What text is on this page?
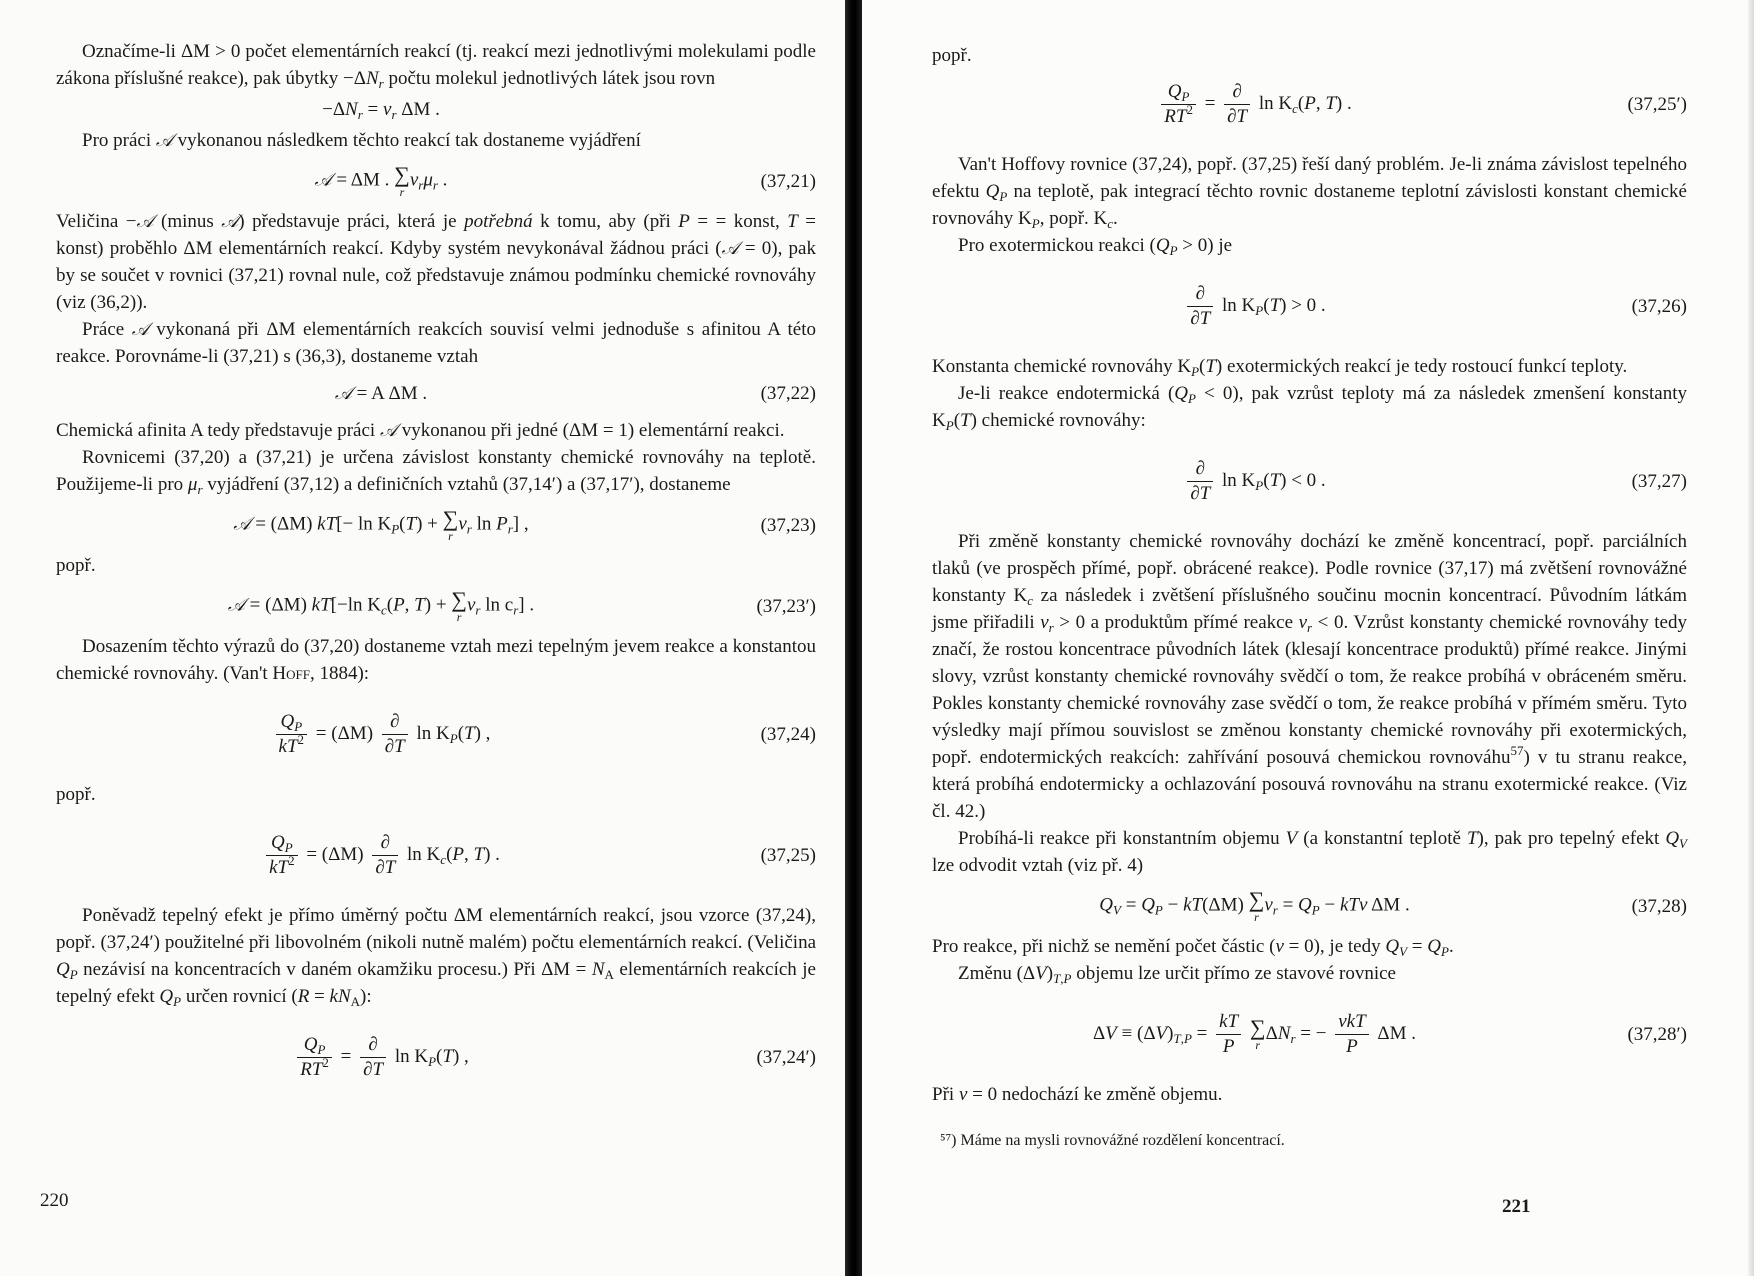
Označíme-li ΔM > 0 počet elementárních reakcí (tj. reakcí mezi jednotlivými molekulami podle zákona příslušné reakce), pak úbytky $-\Delta N_r$ počtu molekul jednotlivých látek jsou rovn

$-\Delta N_r = \nu_r$ ΔM .

Pro práci 𝒜 vykonanou následkem těchto reakcí tak dostaneme vyjádření

𝒜 = ΔM . ∑
r
$\nu_r\mu_r$ .	(37,21)

Veličina −𝒜 (minus 𝒜) představuje práci, která je potřebná k tomu, aby (při P = = konst, T = konst) proběhlo ΔM elementárních reakcí. Kdyby systém nevykonával žádnou práci (𝒜 = 0), pak by se součet v rovnici (37,21) rovnal nule, což představuje známou podmínku chemické rovnováhy (viz (36,2)).

Práce 𝒜 vykonaná při ΔM elementárních reakcích souvisí velmi jednoduše s afinitou A této reakce. Porovnáme-li (37,21) s (36,3), dostaneme vztah

𝒜 = A ΔM .	(37,22)

Chemická afinita A tedy představuje práci 𝒜 vykonanou při jedné (ΔM = 1) elementární reakci.

Rovnicemi (37,20) a (37,21) je určena závislost konstanty chemické rovnováhy na teplotě. Použijeme-li pro $\mu_r$ vyjádření (37,12) a definičních vztahů (37,14′) a (37,17′), dostaneme

𝒜 = (ΔM) $kT[- \ln K_P(T)$ + ∑
r
$\nu_r$ $\ln P_r$] ,	(37,23)

popř.

𝒜 = (ΔM) kT[−ln $K_c(P$, T) + ∑
r
$\nu_r$ $\ln c_r$] .	(37,23′)

Dosazením těchto výrazů do (37,20) dostaneme vztah mezi tepelným jevem reakce a konstantou chemické rovnováhy. (Van't Hoff, 1884):

$\frac{Q_P}{kT^2} = (\Delta M) \frac{\partial}{\partial T}$ $\ln K_P(T)$ ,	(37,24)

popř.

$\frac{Q_P}{kT^2} = (\Delta M) \frac{\partial}{\partial T}$ $\ln K_c(P$, T) .	(37,25)

Poněvadž tepelný efekt je přímo úměrný počtu ΔM elementárních reakcí, jsou vzorce (37,24), popř. (37,24′) použitelné při libovolném (nikoli nutně malém) počtu elementárních reakcí. (Veličina $Q_P$ nezávisí na koncentracích v daném okamžiku procesu.) Při $\Delta M = N_A$ elementárních reakcích je tepelný efekt $Q_P$ určen rovnicí $(R = kN_A)$:

$\frac{Q_P}{RT^2} = \frac{\partial}{\partial T}$ $\ln K_P(T)$ ,	(37,24′)
220

popř.

$\frac{Q_P}{RT^2} = \frac{\partial}{\partial T}$ $\ln K_c(P$, T) .	(37,25′)

Van't Hoffovy rovnice (37,24), popř. (37,25) řeší daný problém. Je-li známa závislost tepelného efektu $Q_P$ na teplotě, pak integrací těchto rovnic dostaneme teplotní závislosti konstant chemické rovnováhy $K_P$, popř. $K_c$.

Pro exotermickou reakci $(Q_P > 0)$ je

$\frac{\partial}{\partial T}$ $\ln K_P(T) > 0$ .	(37,26)

Konstanta chemické rovnováhy $K_P(T)$ exotermických reakcí je tedy rostoucí funkcí teploty.

Je-li reakce endotermická $(Q_P < 0)$, pak vzrůst teploty má za následek zmenšení konstanty $K_P(T)$ chemické rovnováhy:

$\frac{\partial}{\partial T}$ $\ln K_P(T) < 0$ .	(37,27)

Při změně konstanty chemické rovnováhy dochází ke změně koncentrací, popř. parciálních tlaků (ve prospěch přímé, popř. obrácené reakce). Podle rovnice (37,17) má zvětšení rovnovážné konstanty $K_c$ za následek i zvětšení příslušného součinu mocnin koncentrací. Původním látkám jsme přiřadili $\nu_r > 0$ a produktům přímé reakce $\nu_r < 0$. Vzrůst konstanty chemické rovnováhy tedy značí, že rostou koncentrace původních látek (klesají koncentrace produktů) přímé reakce. Jinými slovy, vzrůst konstanty chemické rovnováhy svědčí o tom, že reakce probíhá v obráceném směru. Pokles konstanty chemické rovnováhy zase svědčí o tom, že reakce probíhá v přímém směru. Tyto výsledky mají přímou souvislost se změnou konstanty chemické rovnováhy při exotermických, popř. endotermických reakcích: zahřívání posouvá chemickou rovnováhu$^{57}$) v tu stranu reakce, která probíhá endotermicky a ochlazování posouvá rovnováhu na stranu exotermické reakce. (Viz čl. 42.)

Probíhá-li reakce při konstantním objemu V (a konstantní teplotě T), pak pro tepelný efekt $Q_V$ lze odvodit vztah (viz př. 4)

$Q_V = Q_P - kT(\Delta M)$ ∑
r
$\nu_r = Q_P - kT\nu$ ΔM .	(37,28)

Pro reakce, při nichž se nemění počet částic (ν = 0), je tedy $Q_V = Q_P$.

Změnu $(\Delta V)_{T,P}$ objemu lze určit přímo ze stavové rovnice

$\Delta V \equiv (\Delta V)_{T,P} = \frac{kT}{P}$
∑
r
$\Delta N_r$ = − $\frac{\text{νkT}}{P}$ ΔM .	(37,28′)

Při ν = 0 nedochází ke změně objemu.

⁵⁷) Máme na mysli rovnovážné rozdělení koncentrací.
221
